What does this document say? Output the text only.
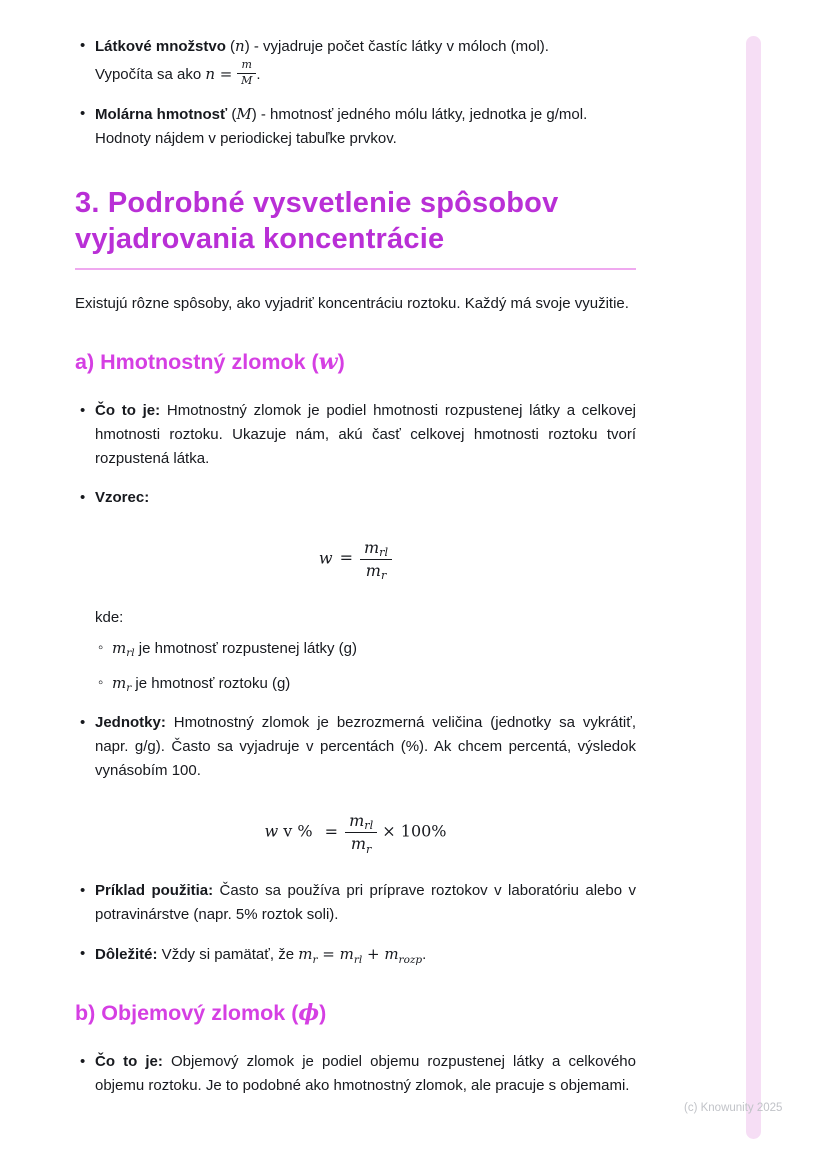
(c) Knowunity 2025
• Látkové množstvo (n) - vyjadruje počet častíc látky v móloch (mol).
Vypočíta sa ako $n = \frac{m}{M}$ .
• Molárna hmotnosť (M) - hmotnosť jedného mólu látky, jednotka je g/mol.
Hodnoty nájdem v periodickej tabuľke prvkov.
3. Podrobné vysvetlenie spôsobov vyjadrovania koncentrácie

Existujú rôzne spôsoby, ako vyjadriť koncentráciu roztoku. Každý má svoje využitie.

a) Hmotnostný zlomok (w)
• Čo to je: Hmotnostný zlomok je podiel hmotnosti rozpustenej látky a celkovej hmotnosti roztoku. Ukazuje nám, akú časť celkovej hmotnosti roztoku tvorí rozpustená látka.
• Vzorec:
$w = \frac{m_{rl}}{m_r}$
kde:
◦ $m_{rl}$ je hmotnosť rozpustenej látky (g)
◦ $m_r$ je hmotnosť roztoku (g)
• Jednotky: Hmotnostný zlomok je bezrozmerná veličina (jednotky sa vykrátiť, napr. g/g). Často sa vyjadruje v percentách (%). Ak chcem percentá, výsledok vynásobím 100.
w v % = $\frac{m_{rl}}{m_r} \times 100\%$
• Príklad použitia: Často sa používa pri príprave roztokov v laboratóriu alebo v potravinárstve (napr. 5% roztok soli).
• Dôležité: Vždy si pamätať, že $m_r = m_{rl} + m_{rozp}$.
b) Objemový zlomok (ϕ)
• Čo to je: Objemový zlomok je podiel objemu rozpustenej látky a celkového objemu roztoku. Je to podobné ako hmotnostný zlomok, ale pracuje s objemami.
